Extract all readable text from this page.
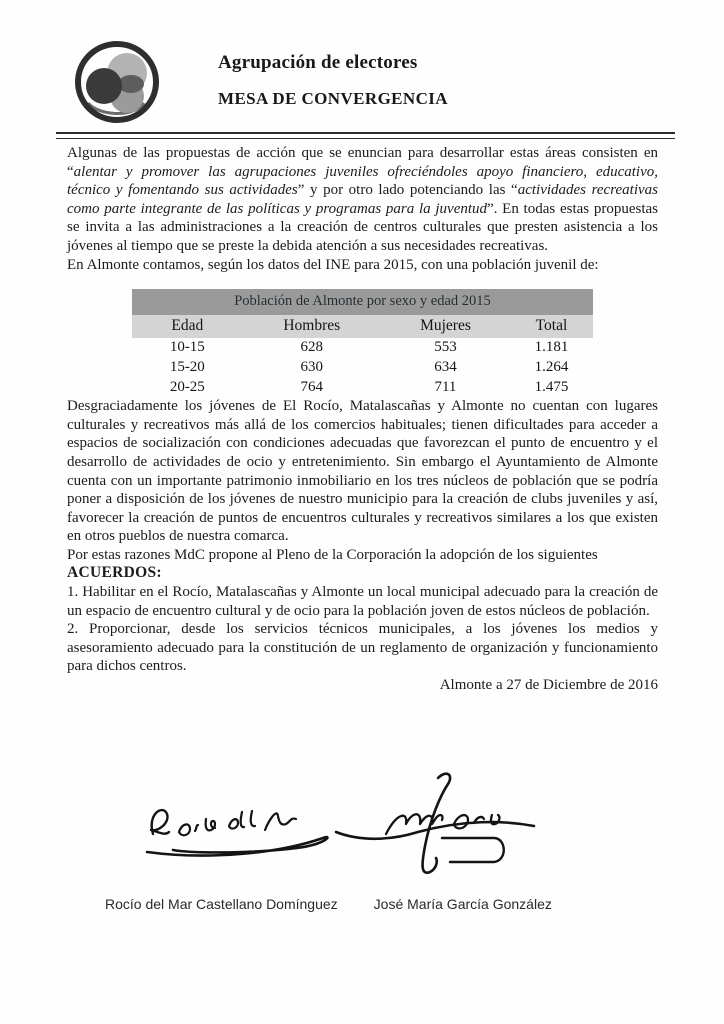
Agrupación de electores
MESA DE CONVERGENCIA

Algunas de las propuestas de acción que se enuncian para desarrollar estas áreas consisten en “alentar y promover las agrupaciones juveniles ofreciéndoles apoyo financiero, educativo, técnico y fomentando sus actividades” y por otro lado potenciando las “actividades recreativas como parte integrante de las políticas y programas para la juventud”. En todas estas propuestas se invita a las administraciones a la creación de centros culturales que presten asistencia a los jóvenes al tiempo que se preste la debida atención a sus necesidades recreativas.

En Almonte contamos, según los datos del INE para 2015, con una población juvenil de:

Población de Almonte por sexo y edad 2015
Edad	Hombres	Mujeres	Total
10-15	628	553	1.181
15-20	630	634	1.264
20-25	764	711	1.475

Desgraciadamente los jóvenes de El Rocío, Matalascañas y Almonte no cuentan con lugares culturales y recreativos más allá de los comercios habituales; tienen dificultades para acceder a espacios de socialización con condiciones adecuadas que favorezcan el punto de encuentro y el desarrollo de actividades de ocio y entretenimiento. Sin embargo el Ayuntamiento de Almonte cuenta con un importante patrimonio inmobiliario en los tres núcleos de población que se podría poner a disposición de los jóvenes de nuestro municipio para la creación de clubs juveniles y así, favorecer la creación de puntos de encuentros culturales y recreativos similares a los que existen en otros pueblos de nuestra comarca.

Por estas razones MdC propone al Pleno de la Corporación la adopción de los siguientes

ACUERDOS:

1. Habilitar en el Rocío, Matalascañas y Almonte un local municipal adecuado para la creación de un espacio de encuentro cultural y de ocio para la población joven de estos núcleos de población.

2. Proporcionar, desde los servicios técnicos municipales, a los jóvenes los medios y asesoramiento adecuado para la constitución de un reglamento de organización y funcionamiento para dichos centros.

Almonte a 27 de Diciembre de 2016

Rocío del Mar Castellano Domínguez	José María García González
